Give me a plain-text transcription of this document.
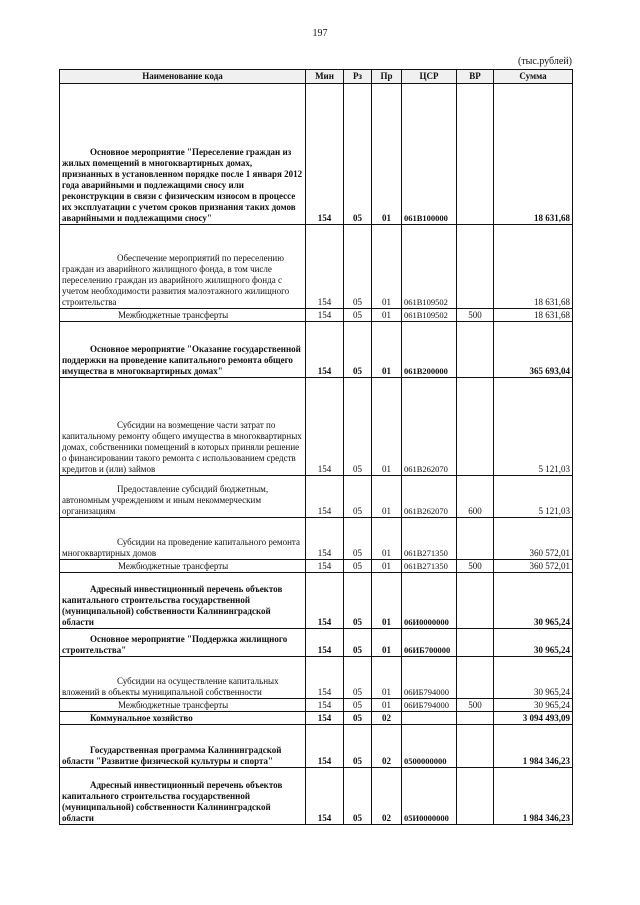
197
(тыс.рублей)
Наименование кода	Мин	Рз	Пр	ЦСР	ВР	Сумма
Основное мероприятие "Переселение граждан из жилых помещений в многоквартирных домах, признанных в установленном порядке после 1 января 2012 года аварийными и подлежащими сносу или реконструкции в связи с физическим износом в процессе их эксплуатации с учетом сроков признания таких домов аварийными и подлежащими сносу"	154	05	01	061В100000		18 631,68
Обеспечение мероприятий по переселению граждан из аварийного жилищного фонда, в том числе переселению граждан из аварийного жилищного фонда с учетом необходимости развития малоэтажного жилищного строительства	154	05	01	061В109502		18 631,68
Межбюджетные трансферты	154	05	01	061В109502	500	18 631,68
Основное мероприятие "Оказание государственной поддержки на проведение капитального ремонта общего имущества в многоквартирных домах"	154	05	01	061В200000		365 693,04
Субсидии на возмещение части затрат по капитальному ремонту общего имущества в многоквартирных домах, собственники помещений в которых приняли решение о финансировании такого ремонта с использованием средств кредитов и (или) займов	154	05	01	061В262070		5 121,03
Предоставление субсидий бюджетным, автономным учреждениям и иным некоммерческим организациям	154	05	01	061В262070	600	5 121,03
Субсидии на проведение капитального ремонта многоквартирных домов	154	05	01	061В271350		360 572,01
Межбюджетные трансферты	154	05	01	061В271350	500	360 572,01
Адресный инвестиционный перечень объектов капитального строительства государственной (муниципальной) собственности Калининградской области	154	05	01	06И0000000		30 965,24
Основное мероприятие "Поддержка жилищного строительства"	154	05	01	06ИБ700000		30 965,24
Субсидии на осуществление капитальных вложений в объекты муниципальной собственности	154	05	01	06ИБ794000		30 965,24
Межбюджетные трансферты	154	05	01	06ИБ794000	500	30 965,24
Коммунальное хозяйство	154	05	02			3 094 493,09
Государственная программа Калининградской области "Развитие физической культуры и спорта"	154	05	02	0500000000		1 984 346,23
Адресный инвестиционный перечень объектов капитального строительства государственной (муниципальной) собственности Калининградской области	154	05	02	05И0000000		1 984 346,23
